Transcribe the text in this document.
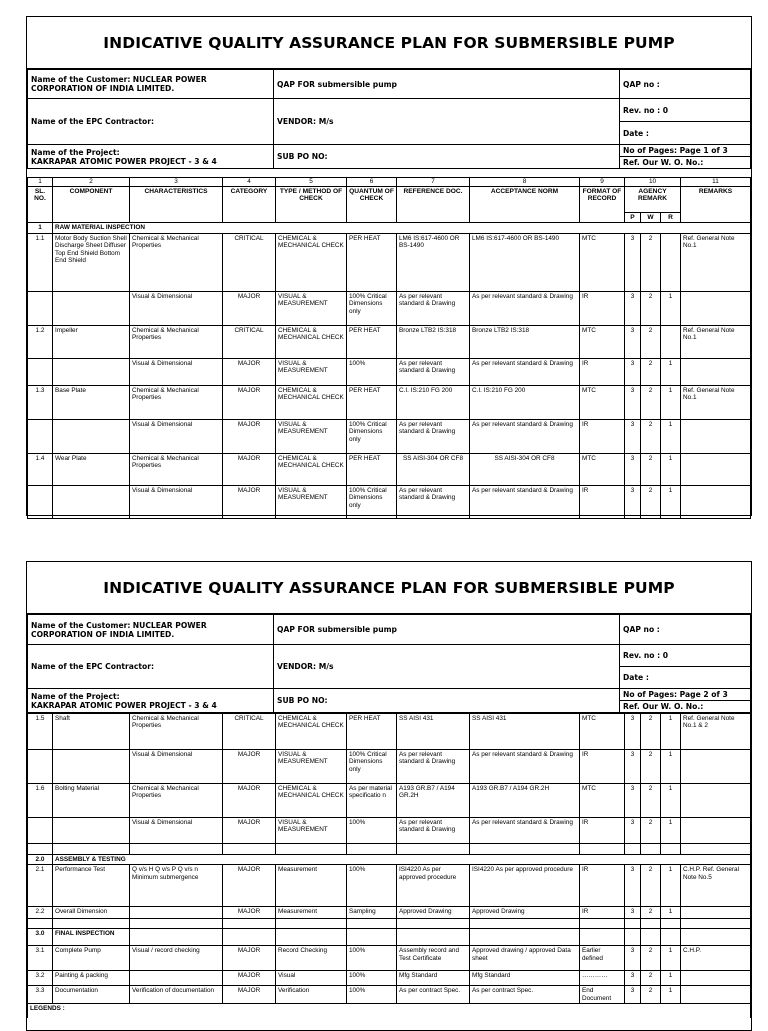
INDICATIVE QUALITY ASSURANCE PLAN FOR SUBMERSIBLE PUMP
Name of the Customer: NUCLEAR POWER CORPORATION OF INDIA LIMITED.	QAP FOR submersible pump	QAP no :
Name of the EPC Contractor:	VENDOR: M/s	Rev. no : 0
		Date :

Name of the Project:
KAKRAPAR ATOMIC POWER PROJECT - 3 & 4	SUB PO NO:	No of Pages: Page 1 of 3
		Ref. Our W. O. No.:
1	2	3	4	5	6	7	8	9	10			11
SL. NO.	COMPONENT	CHARACTERISTICS	CATEGORY	TYPE / METHOD OF CHECK	QUANTUM OF CHECK	REFERENCE DOC.	ACCEPTANCE NORM	FORMAT OF RECORD	AGENCY REMARK			REMARKS
									P	W	R	
1	RAW MATERIAL INSPECTION											
1.1	Motor Body Suction Shell Discharge Sheet Diffuser Top End Shield Bottom End Shield	Chemical & Mechanical Properties	CRITICAL	CHEMICAL & MECHANICAL CHECK	PER HEAT	LM6 IS:617-4600 OR BS-1490	LM6 IS:617-4600 OR BS-1490	MTC	3	2		Ref. General Note No.1
		Visual & Dimensional	MAJOR	VISUAL & MEASUREMENT	100% Critical Dimensions only	As per relevant standard & Drawing	As per relevant standard & Drawing	IR	3	2	1	
1.2	Impeller	Chemical & Mechanical Properties	CRITICAL	CHEMICAL & MECHANICAL CHECK	PER HEAT	Bronze LTB2 IS:318	Bronze LTB2 IS:318	MTC	3	2		Ref. General Note No.1
		Visual & Dimensional	MAJOR	VISUAL & MEASUREMENT	100%	As per relevant standard & Drawing	As per relevant standard & Drawing	IR	3	2	1	
1.3	Base Plate	Chemical & Mechanical Properties	MAJOR	CHEMICAL & MECHANICAL CHECK	PER HEAT	C.I. IS:210 FG 200	C.I. IS:210 FG 200	MTC	3	2	1	Ref. General Note No.1
		Visual & Dimensional	MAJOR	VISUAL & MEASUREMENT	100% Critical Dimensions only	As per relevant standard & Drawing	As per relevant standard & Drawing	IR	3	2	1	
1.4	Wear Plate	Chemical & Mechanical Properties	MAJOR	CHEMICAL & MECHANICAL CHECK	PER HEAT	SS AISI-304 OR CF8	SS AISI-304 OR CF8	MTC	3	2	1	
		Visual & Dimensional	MAJOR	VISUAL & MEASUREMENT	100% Critical Dimensions only	As per relevant standard & Drawing	As per relevant standard & Drawing	IR	3	2	1	
INDICATIVE QUALITY ASSURANCE PLAN FOR SUBMERSIBLE PUMP
Name of the Customer: NUCLEAR POWER CORPORATION OF INDIA LIMITED.	QAP FOR submersible pump	QAP no :
Name of the EPC Contractor:	VENDOR: M/s	Rev. no : 0
		Date :

Name of the Project:
KAKRAPAR ATOMIC POWER PROJECT - 3 & 4	SUB PO NO:	No of Pages: Page 2 of 3
		Ref. Our W. O. No.:
1.5	Shaft	Chemical & Mechanical Properties	CRITICAL	CHEMICAL & MECHANICAL CHECK	PER HEAT	SS AISI 431	SS AISI 431	MTC	3	2	1	Ref. General Note No.1 & 2
		Visual & Dimensional	MAJOR	VISUAL & MEASUREMENT	100% Critical Dimensions only	As per relevant standard & Drawing	As per relevant standard & Drawing	IR	3	2	1	
1.6	Bolting Material	Chemical & Mechanical Properties	MAJOR	CHEMICAL & MECHANICAL CHECK	As per material specificatio n	A193 GR.B7 / A194 GR.2H	A193 GR.B7 / A194 GR.2H	MTC	3	2	1	
		Visual & Dimensional	MAJOR	VISUAL & MEASUREMENT	100%	As per relevant standard & Drawing	As per relevant standard & Drawing	IR	3	2	1	

2.0	ASSEMBLY & TESTING											
2.1	Performance Test	Q v/s H Q v/s P Q v/s n Minimum submergence	MAJOR	Measurement	100%	ISI4220 As per approved procedure	ISI4220 As per approved procedure	IR	3	2	1	C.H.P. Ref. General Note No.5
2.2	Overall Dimension		MAJOR	Measurement	Sampling	Approved Drawing	Approved Drawing	IR	3	2	1	

3.0	FINAL INSPECTION											
3.1	Complete Pump	Visual / record checking	MAJOR	Record Checking	100%	Assembly record and Test Certificate	Approved drawing / approved Data sheet	Earlier defined	3	2	1	C.H.P.
3.2	Painting & packing		MAJOR	Visual	100%	Mfg Standard	Mfg Standard	…………	3	2	1	
3.3	Documentation	Verification of documentation	MAJOR	Verification	100%	As per contract Spec.	As per contract Spec.	End Document	3	2	1	
LEGENDS :												
